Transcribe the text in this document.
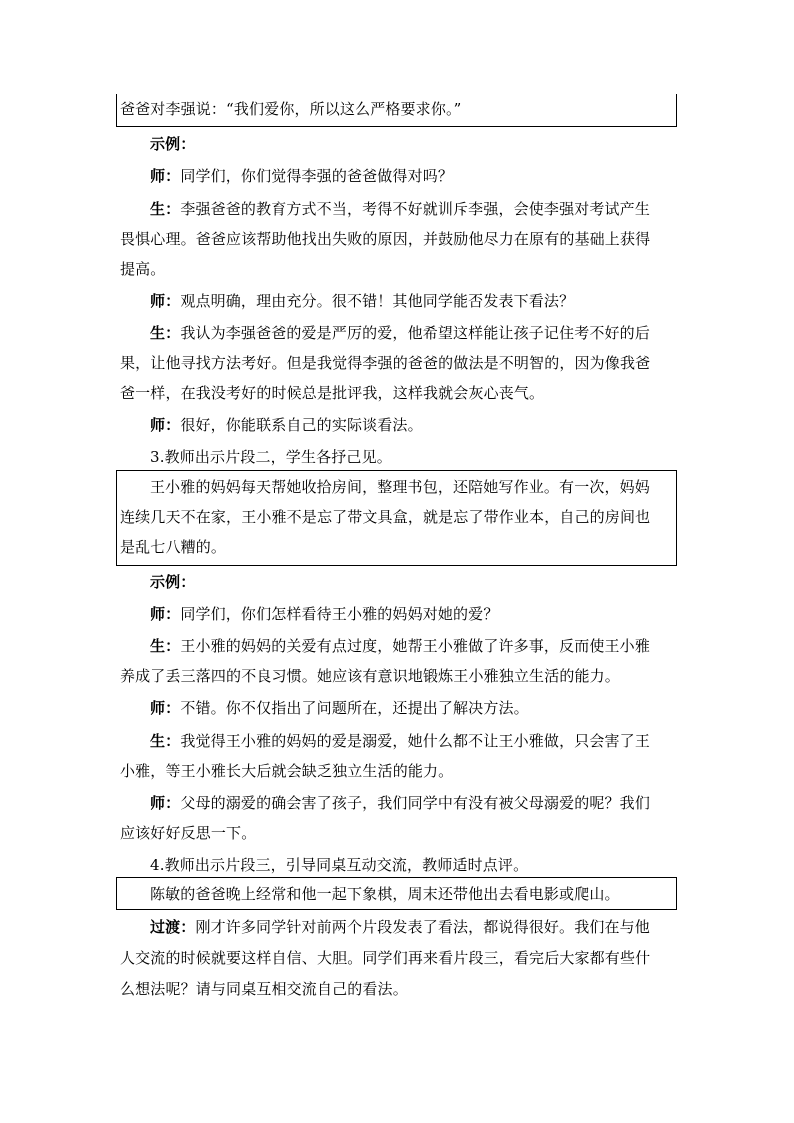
爸爸对李强说：“我们爱你，所以这么严格要求你。”

示例：

师：同学们，你们觉得李强的爸爸做得对吗？

生：李强爸爸的教育方式不当，考得不好就训斥李强，会使李强对考试产生

畏惧心理。爸爸应该帮助他找出失败的原因，并鼓励他尽力在原有的基础上获得

提高。

师：观点明确，理由充分。很不错！其他同学能否发表下看法？

生：我认为李强爸爸的爱是严厉的爱，他希望这样能让孩子记住考不好的后

果，让他寻找方法考好。但是我觉得李强的爸爸的做法是不明智的，因为像我爸

爸一样，在我没考好的时候总是批评我，这样我就会灰心丧气。

师：很好，你能联系自己的实际谈看法。

3.教师出示片段二，学生各抒己见。

王小雅的妈妈每天帮她收拾房间，整理书包，还陪她写作业。有一次，妈妈

连续几天不在家，王小雅不是忘了带文具盒，就是忘了带作业本，自己的房间也

是乱七八糟的。

示例：

师：同学们，你们怎样看待王小雅的妈妈对她的爱？

生：王小雅的妈妈的关爱有点过度，她帮王小雅做了许多事，反而使王小雅

养成了丢三落四的不良习惯。她应该有意识地锻炼王小雅独立生活的能力。

师：不错。你不仅指出了问题所在，还提出了解决方法。

生：我觉得王小雅的妈妈的爱是溺爱，她什么都不让王小雅做，只会害了王

小雅，等王小雅长大后就会缺乏独立生活的能力。

师：父母的溺爱的确会害了孩子，我们同学中有没有被父母溺爱的呢？我们

应该好好反思一下。

4.教师出示片段三，引导同桌互动交流，教师适时点评。

陈敏的爸爸晚上经常和他一起下象棋，周末还带他出去看电影或爬山。

过渡：刚才许多同学针对前两个片段发表了看法，都说得很好。我们在与他

人交流的时候就要这样自信、大胆。同学们再来看片段三，看完后大家都有些什

么想法呢？请与同桌互相交流自己的看法。
